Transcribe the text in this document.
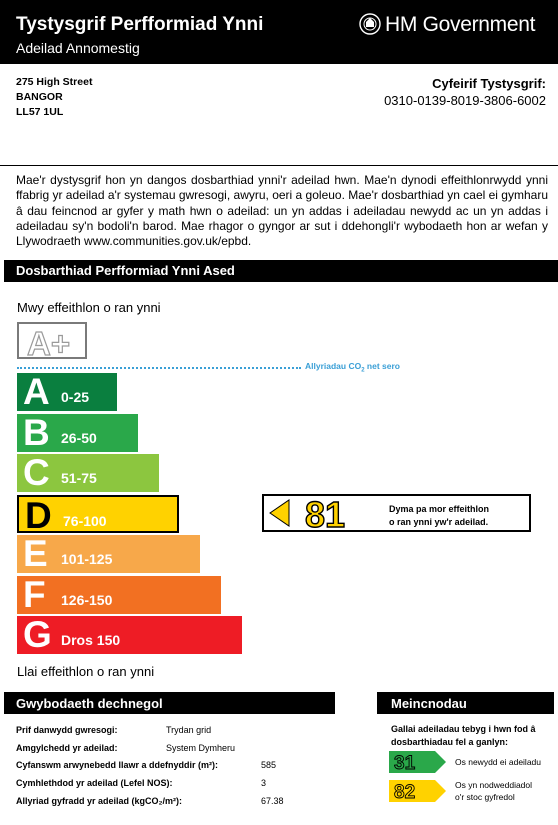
Tystysgrif Perfformiad Ynni
Adeilad Annomestig
HM Government
275 High Street
BANGOR
LL57 1UL
Cyfeirif Tystysgrif:
0310-0139-8019-3806-6002
Mae'r dystysgrif hon yn dangos dosbarthiad ynni'r adeilad hwn. Mae'n dynodi effeithlonrwydd ynni ffabrig yr adeilad a'r systemau gwresogi, awyru, oeri a goleuo. Mae'r dosbarthiad yn cael ei gymharu â dau feincnod ar gyfer y math hwn o adeilad: un yn addas i adeiladau newydd ac un yn addas i adeiladau sy'n bodoli'n barod. Mae rhagor o gyngor ar sut i ddehongli'r wybodaeth hon ar wefan y Llywodraeth www.communities.gov.uk/epbd.
Dosbarthiad Perfformiad Ynni Ased
Mwy effeithlon o ran ynni
A+
Allyriadau $CO_2$ net sero
A 0-25
B 26-50
C 51-75
D 76-100
E 101-125
F 126-150
G Dros 150
81	Dyma pa mor effeithlon
o ran ynni yw'r adeilad.
Llai effeithlon o ran ynni
Gwybodaeth dechnegol
Prif danwydd gwresogi:	Trydan grid
Amgylchedd yr adeilad:	System Dymheru
Cyfanswm arwynebedd llawr a ddefnyddir (m²):	585
Cymhlethdod yr adeilad (Lefel NOS):	3
Allyriad gyfradd yr adeilad (kgCO₂/m²):	67.38
Meincnodau
Gallai adeiladau tebyg i hwn fod â dosbarthiadau fel a ganlyn:
31	Os newydd ei adeiladu
82	Os yn nodweddiadol
o'r stoc gyfredol
